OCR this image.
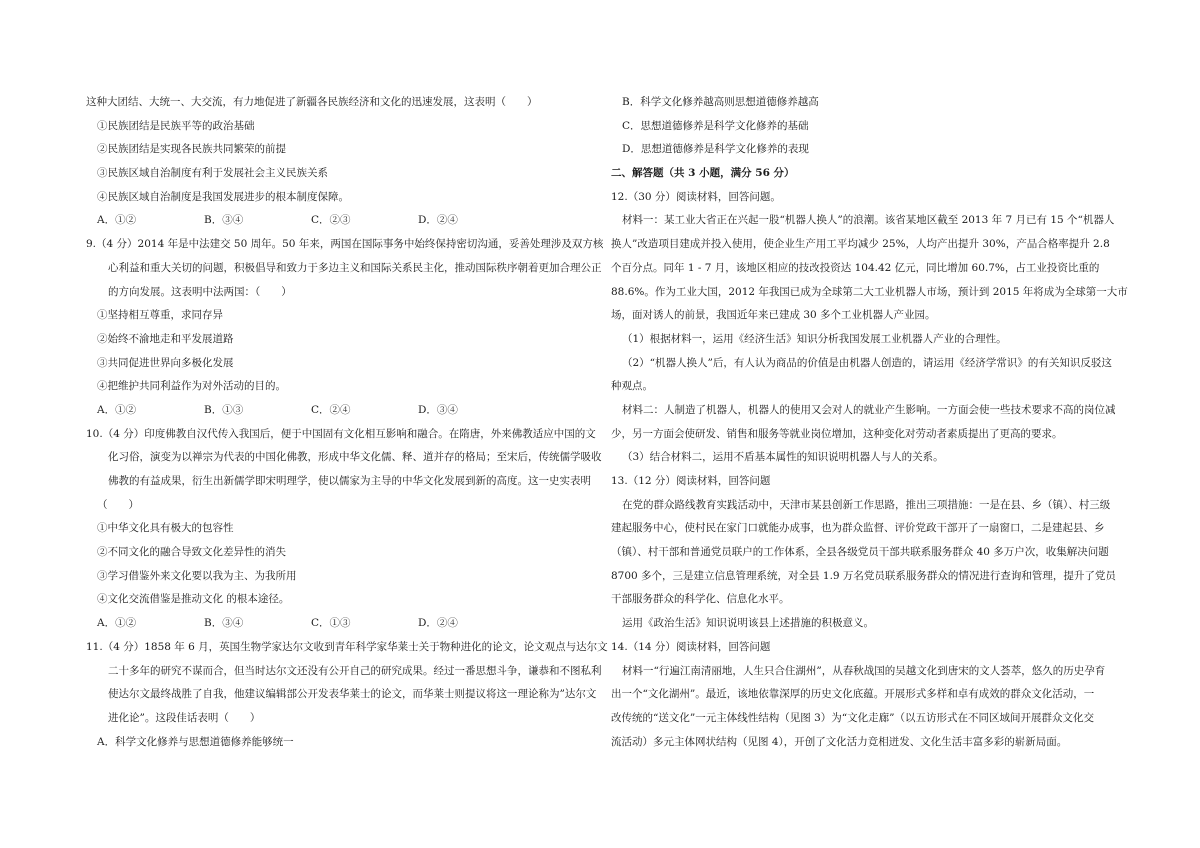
这种大团结、大统一、大交流，有力地促进了新疆各民族经济和文化的迅速发展，这表明（　　）
①民族团结是民族平等的政治基础
②民族团结是实现各民族共同繁荣的前提
③民族区域自治制度有利于发展社会主义民族关系
④民族区域自治制度是我国发展进步的根本制度保障。
A．①②	B．③④	C．②③	D．②④
9.（4 分）2014 年是中法建交 50 周年。50 年来，两国在国际事务中始终保持密切沟通，妥善处理涉及双方核
心利益和重大关切的问题，积极倡导和致力于多边主义和国际关系民主化，推动国际秩序朝着更加合理公正
的方向发展。这表明中法两国：（　　）
①坚持相互尊重，求同存异
②始终不渝地走和平发展道路
③共同促进世界向多极化发展
④把维护共同利益作为对外活动的目的。
A．①②	B．①③	C．②④	D．③④
10.（4 分）印度佛教自汉代传入我国后，便于中国固有文化相互影响和融合。在隋唐，外来佛教适应中国的文
化习俗，演变为以禅宗为代表的中国化佛教，形成中华文化儒、释、道并存的格局；至宋后，传统儒学吸收
佛教的有益成果，衍生出新儒学即宋明理学，使以儒家为主导的中华文化发展到新的高度。这一史实表明
（　　）
①中华文化具有极大的包容性
②不同文化的融合导致文化差异性的消失
③学习借鉴外来文化要以我为主、为我所用
④文化交流借鉴是推动文化 的根本途径。
A．①②	B．③④	C．①③	D．②④
11.（4 分）1858 年 6 月，英国生物学家达尔文收到青年科学家华莱士关于物种进化的论文，论文观点与达尔文
二十多年的研究不谋而合，但当时达尔文还没有公开自己的研究成果。经过一番思想斗争，谦恭和不图私利
使达尔文最终战胜了自我，他建议编辑部公开发表华莱士的论文，而华莱士则提议将这一理论称为”达尔文
进化论”。这段佳话表明（　　）
A．科学文化修养与思想道德修养能够统一
B．科学文化修养越高则思想道德修养越高
C．思想道德修养是科学文化修养的基础
D．思想道德修养是科学文化修养的表现
二、解答题（共 3 小题，满分 56 分）
12.（30 分）阅读材料，回答问题。
材料一：某工业大省正在兴起一股“机器人换人”的浪潮。该省某地区截至 2013 年 7 月已有 15 个“机器人
换人”改造项目建成并投入使用，使企业生产用工平均减少 25%，人均产出提升 30%，产品合格率提升 2.8
个百分点。同年 1 - 7 月，该地区相应的技改投资达 104.42 亿元，同比增加 60.7%，占工业投资比重的
88.6%。作为工业大国，2012 年我国已成为全球第二大工业机器人市场，预计到 2015 年将成为全球第一大市
场，面对诱人的前景，我国近年来已建成 30 多个工业机器人产业园。
（1）根据材料一，运用《经济生活》知识分析我国发展工业机器人产业的合理性。
（2）“机器人换人”后，有人认为商品的价值是由机器人创造的，请运用《经济学常识》的有关知识反驳这
种观点。
材料二：人制造了机器人，机器人的使用又会对人的就业产生影响。一方面会使一些技术要求不高的岗位减
少，另一方面会使研发、销售和服务等就业岗位增加，这种变化对劳动者素质提出了更高的要求。
（3）结合材料二，运用不盾基本属性的知识说明机器人与人的关系。
13.（12 分）阅读材料，回答问题
在党的群众路线教育实践活动中，天津市某县创新工作思路，推出三项措施：一是在县、乡（镇）、村三级
建起服务中心，使村民在家门口就能办成事，也为群众监督、评价党政干部开了一扇窗口，二是建起县、乡
（镇）、村干部和普通党员联户的工作体系，全县各级党员干部共联系服务群众 40 多万户次，收集解决问题
8700 多个，三是建立信息管理系统，对全县 1.9 万名党员联系服务群众的情况进行查询和管理，提升了党员
干部服务群众的科学化、信息化水平。
运用《政治生活》知识说明该县上述措施的积极意义。
14.（14 分）阅读材料，回答问题
材料一“行遍江南清丽地，人生只合住湖州”，从春秋战国的吴越文化到唐宋的文人荟萃，悠久的历史孕育
出一个“文化湖州”。最近，该地依靠深厚的历史文化底蕴。开展形式多样和卓有成效的群众文化活动，一
改传统的“送文化”一元主体线性结构（见图 3）为“文化走廊”（以五访形式在不同区域间开展群众文化交
流活动）多元主体网状结构（见图 4），开创了文化活力竞相迸发、文化生活丰富多彩的崭新局面。
